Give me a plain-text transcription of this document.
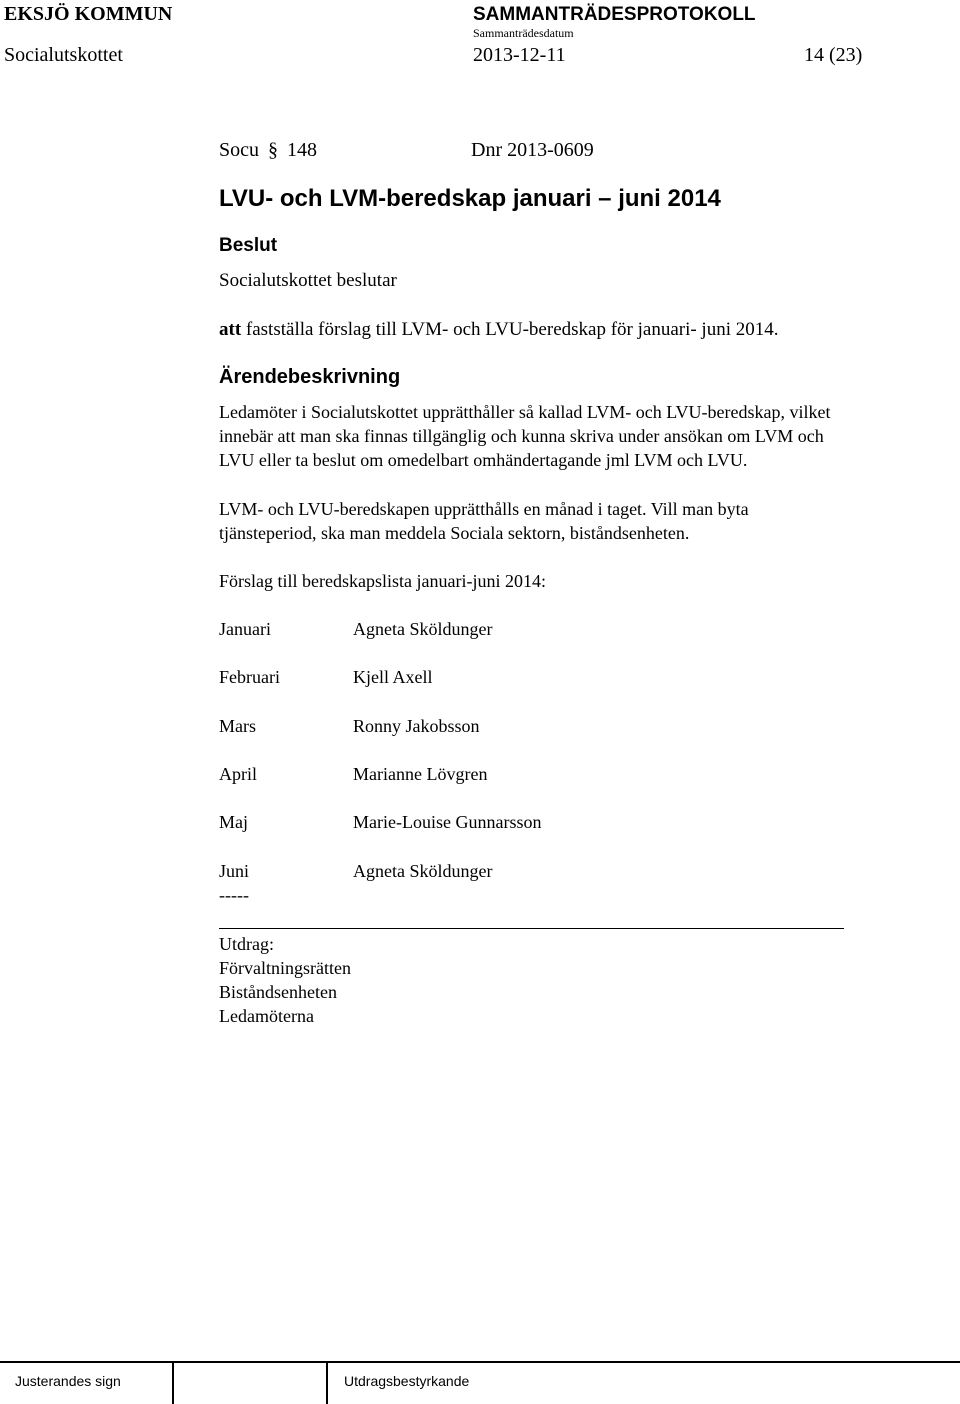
EKSJÖ KOMMUN	SAMMANTRÄDESPROTOKOLL
Sammanträdesdatum
Socialutskottet	2013-12-11	14 (23)
Socu § 148	Dnr 2013-0609
LVU- och LVM-beredskap januari – juni 2014
Beslut
Socialutskottet beslutar
att fastställa förslag till LVM- och LVU-beredskap för januari- juni 2014.
Ärendebeskrivning
Ledamöter i Socialutskottet upprätthåller så kallad LVM- och LVU-beredskap, vilket
innebär att man ska finnas tillgänglig och kunna skriva under ansökan om LVM och
LVU eller ta beslut om omedelbart omhändertagande jml LVM och LVU.
LVM- och LVU-beredskapen upprätthålls en månad i taget. Vill man byta
tjänsteperiod, ska man meddela Sociala sektorn, biståndsenheten.
Förslag till beredskapslista januari-juni 2014:
Januari	Agneta Sköldunger
Februari	Kjell Axell
Mars	Ronny Jakobsson
April	Marianne Lövgren
Maj	Marie-Louise Gunnarsson
Juni	Agneta Sköldunger
-----
Utdrag:
Förvaltningsrätten
Biståndsenheten
Ledamöterna
Justerandes sign	Utdragsbestyrkande
